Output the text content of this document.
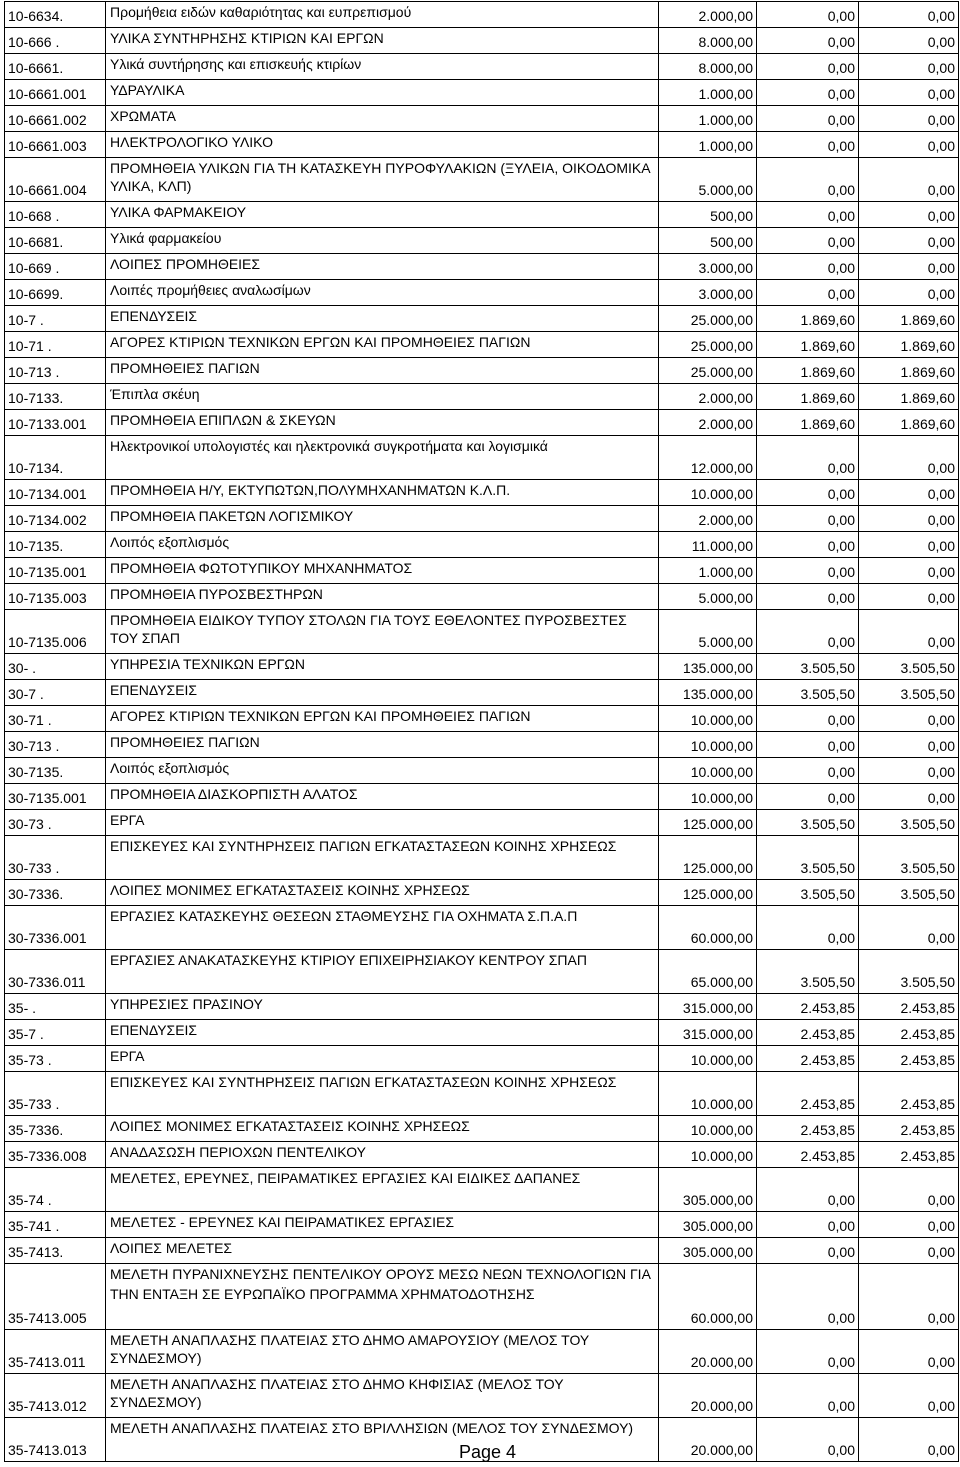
10-6634.	Προμήθεια ειδών καθαριότητας και ευπρεπισμού	2.000,00	0,00	0,00
10-666 .	ΥΛΙΚΑ ΣΥΝΤΗΡΗΣΗΣ ΚΤΙΡΙΩΝ ΚΑΙ ΕΡΓΩΝ	8.000,00	0,00	0,00
10-6661.	Υλικά συντήρησης και επισκευής κτιρίων	8.000,00	0,00	0,00
10-6661.001	ΥΔΡΑΥΛΙΚΑ	1.000,00	0,00	0,00
10-6661.002	ΧΡΩΜΑΤΑ	1.000,00	0,00	0,00
10-6661.003	ΗΛΕΚΤΡΟΛΟΓΙΚΟ ΥΛΙΚΟ	1.000,00	0,00	0,00
10-6661.004	ΠΡΟΜΗΘΕΙΑ ΥΛΙΚΩΝ ΓΙΑ ΤΗ ΚΑΤΑΣΚΕΥΗ ΠΥΡΟΦΥΛΑΚΙΩΝ (ΞΥΛΕΙΑ, ΟΙΚΟΔΟΜΙΚΑ ΥΛΙΚΑ, ΚΛΠ)	5.000,00	0,00	0,00
10-668 .	ΥΛΙΚΑ ΦΑΡΜΑΚΕΙΟΥ	500,00	0,00	0,00
10-6681.	Υλικά φαρμακείου	500,00	0,00	0,00
10-669 .	ΛΟΙΠΕΣ ΠΡΟΜΗΘΕΙΕΣ	3.000,00	0,00	0,00
10-6699.	Λοιπές προμήθειες αναλωσίμων	3.000,00	0,00	0,00
10-7 .	ΕΠΕΝΔΥΣΕΙΣ	25.000,00	1.869,60	1.869,60
10-71 .	ΑΓΟΡΕΣ ΚΤΙΡΙΩΝ ΤΕΧΝΙΚΩΝ ΕΡΓΩΝ ΚΑΙ ΠΡΟΜΗΘΕΙΕΣ ΠΑΓΙΩΝ	25.000,00	1.869,60	1.869,60
10-713 .	ΠΡΟΜΗΘΕΙΕΣ ΠΑΓΙΩΝ	25.000,00	1.869,60	1.869,60
10-7133.	Έπιπλα σκέυη	2.000,00	1.869,60	1.869,60
10-7133.001	ΠΡΟΜΗΘΕΙΑ ΕΠΙΠΛΩΝ & ΣΚΕΥΩΝ	2.000,00	1.869,60	1.869,60
10-7134.	Ηλεκτρονικοί υπολογιστές και ηλεκτρονικά συγκροτήματα και λογισμικά	12.000,00	0,00	0,00
10-7134.001	ΠΡΟΜΗΘΕΙΑ Η/Υ, ΕΚΤΥΠΩΤΩΝ,ΠΟΛΥΜΗΧΑΝΗΜΑΤΩΝ Κ.Λ.Π.	10.000,00	0,00	0,00
10-7134.002	ΠΡΟΜΗΘΕΙΑ ΠΑΚΕΤΩΝ ΛΟΓΙΣΜΙΚΟΥ	2.000,00	0,00	0,00
10-7135.	Λοιπός εξοπλισμός	11.000,00	0,00	0,00
10-7135.001	ΠΡΟΜΗΘΕΙΑ ΦΩΤΟΤΥΠΙΚΟΥ ΜΗΧΑΝΗΜΑΤΟΣ	1.000,00	0,00	0,00
10-7135.003	ΠΡΟΜΗΘΕΙΑ ΠΥΡΟΣΒΕΣΤΗΡΩΝ	5.000,00	0,00	0,00
10-7135.006	ΠΡΟΜΗΘΕΙΑ ΕΙΔΙΚΟΥ ΤΥΠΟΥ ΣΤΟΛΩΝ ΓΙΑ ΤΟΥΣ ΕΘΕΛΟΝΤΕΣ ΠΥΡΟΣΒΕΣΤΕΣ ΤΟΥ ΣΠΑΠ	5.000,00	0,00	0,00
30- .	ΥΠΗΡΕΣΙΑ ΤΕΧΝΙΚΩΝ ΕΡΓΩΝ	135.000,00	3.505,50	3.505,50
30-7 .	ΕΠΕΝΔΥΣΕΙΣ	135.000,00	3.505,50	3.505,50
30-71 .	ΑΓΟΡΕΣ ΚΤΙΡΙΩΝ ΤΕΧΝΙΚΩΝ ΕΡΓΩΝ ΚΑΙ ΠΡΟΜΗΘΕΙΕΣ ΠΑΓΙΩΝ	10.000,00	0,00	0,00
30-713 .	ΠΡΟΜΗΘΕΙΕΣ ΠΑΓΙΩΝ	10.000,00	0,00	0,00
30-7135.	Λοιπός εξοπλισμός	10.000,00	0,00	0,00
30-7135.001	ΠΡΟΜΗΘΕΙΑ ΔΙΑΣΚΟΡΠΙΣΤΗ ΑΛΑΤΟΣ	10.000,00	0,00	0,00
30-73 .	ΕΡΓΑ	125.000,00	3.505,50	3.505,50
30-733 .	ΕΠΙΣΚΕΥΕΣ ΚΑΙ ΣΥΝΤΗΡΗΣΕΙΣ ΠΑΓΙΩΝ ΕΓΚΑΤΑΣΤΑΣΕΩΝ ΚΟΙΝΗΣ ΧΡΗΣΕΩΣ	125.000,00	3.505,50	3.505,50
30-7336.	ΛΟΙΠΕΣ ΜΟΝΙΜΕΣ ΕΓΚΑΤΑΣΤΑΣΕΙΣ ΚΟΙΝΗΣ ΧΡΗΣΕΩΣ	125.000,00	3.505,50	3.505,50
30-7336.001	ΕΡΓΑΣΙΕΣ ΚΑΤΑΣΚΕΥΗΣ ΘΕΣΕΩΝ ΣΤΑΘΜΕΥΣΗΣ ΓΙΑ ΟΧΗΜΑΤΑ Σ.Π.Α.Π	60.000,00	0,00	0,00
30-7336.011	ΕΡΓΑΣΙΕΣ ΑΝΑΚΑΤΑΣΚΕΥΗΣ ΚΤΙΡΙΟΥ ΕΠΙΧΕΙΡΗΣΙΑΚΟΥ ΚΕΝΤΡΟΥ ΣΠΑΠ	65.000,00	3.505,50	3.505,50
35- .	ΥΠΗΡΕΣΙΕΣ ΠΡΑΣΙΝΟΥ	315.000,00	2.453,85	2.453,85
35-7 .	ΕΠΕΝΔΥΣΕΙΣ	315.000,00	2.453,85	2.453,85
35-73 .	ΕΡΓΑ	10.000,00	2.453,85	2.453,85
35-733 .	ΕΠΙΣΚΕΥΕΣ ΚΑΙ ΣΥΝΤΗΡΗΣΕΙΣ ΠΑΓΙΩΝ ΕΓΚΑΤΑΣΤΑΣΕΩΝ ΚΟΙΝΗΣ ΧΡΗΣΕΩΣ	10.000,00	2.453,85	2.453,85
35-7336.	ΛΟΙΠΕΣ ΜΟΝΙΜΕΣ ΕΓΚΑΤΑΣΤΑΣΕΙΣ ΚΟΙΝΗΣ ΧΡΗΣΕΩΣ	10.000,00	2.453,85	2.453,85
35-7336.008	ΑΝΑΔΑΣΩΣΗ ΠΕΡΙΟΧΩΝ ΠΕΝΤΕΛΙΚΟΥ	10.000,00	2.453,85	2.453,85
35-74 .	ΜΕΛΕΤΕΣ, ΕΡΕΥΝΕΣ, ΠΕΙΡΑΜΑΤΙΚΕΣ ΕΡΓΑΣΙΕΣ ΚΑΙ ΕΙΔΙΚΕΣ ΔΑΠΑΝΕΣ	305.000,00	0,00	0,00
35-741 .	ΜΕΛΕΤΕΣ - ΕΡΕΥΝΕΣ ΚΑΙ ΠΕΙΡΑΜΑΤΙΚΕΣ ΕΡΓΑΣΙΕΣ	305.000,00	0,00	0,00
35-7413.	ΛΟΙΠΕΣ ΜΕΛΕΤΕΣ	305.000,00	0,00	0,00
35-7413.005	ΜΕΛΕΤΗ ΠΥΡΑΝΙΧΝΕΥΣΗΣ ΠΕΝΤΕΛΙΚΟΥ ΟΡΟΥΣ ΜΕΣΩ ΝΕΩΝ ΤΕΧΝΟΛΟΓΙΩΝ ΓΙΑ ΤΗΝ ΕΝΤΑΞΗ ΣΕ ΕΥΡΩΠΑΪΚΟ ΠΡΟΓΡΑΜΜΑ ΧΡΗΜΑΤΟΔΟΤΗΣΗΣ	60.000,00	0,00	0,00
35-7413.011	ΜΕΛΕΤΗ ΑΝΑΠΛΑΣΗΣ ΠΛΑΤΕΙΑΣ ΣΤΟ ΔΗΜΟ ΑΜΑΡΟΥΣΙΟΥ (ΜΕΛΟΣ ΤΟΥ ΣΥΝΔΕΣΜΟΥ)	20.000,00	0,00	0,00
35-7413.012	ΜΕΛΕΤΗ ΑΝΑΠΛΑΣΗΣ ΠΛΑΤΕΙΑΣ ΣΤΟ ΔΗΜΟ ΚΗΦΙΣΙΑΣ (ΜΕΛΟΣ ΤΟΥ ΣΥΝΔΕΣΜΟΥ)	20.000,00	0,00	0,00
35-7413.013	ΜΕΛΕΤΗ ΑΝΑΠΛΑΣΗΣ ΠΛΑΤΕΙΑΣ ΣΤΟ ΒΡΙΛΛΗΣΙΩΝ (ΜΕΛΟΣ ΤΟΥ ΣΥΝΔΕΣΜΟΥ)	20.000,00	0,00	0,00
Page 4
